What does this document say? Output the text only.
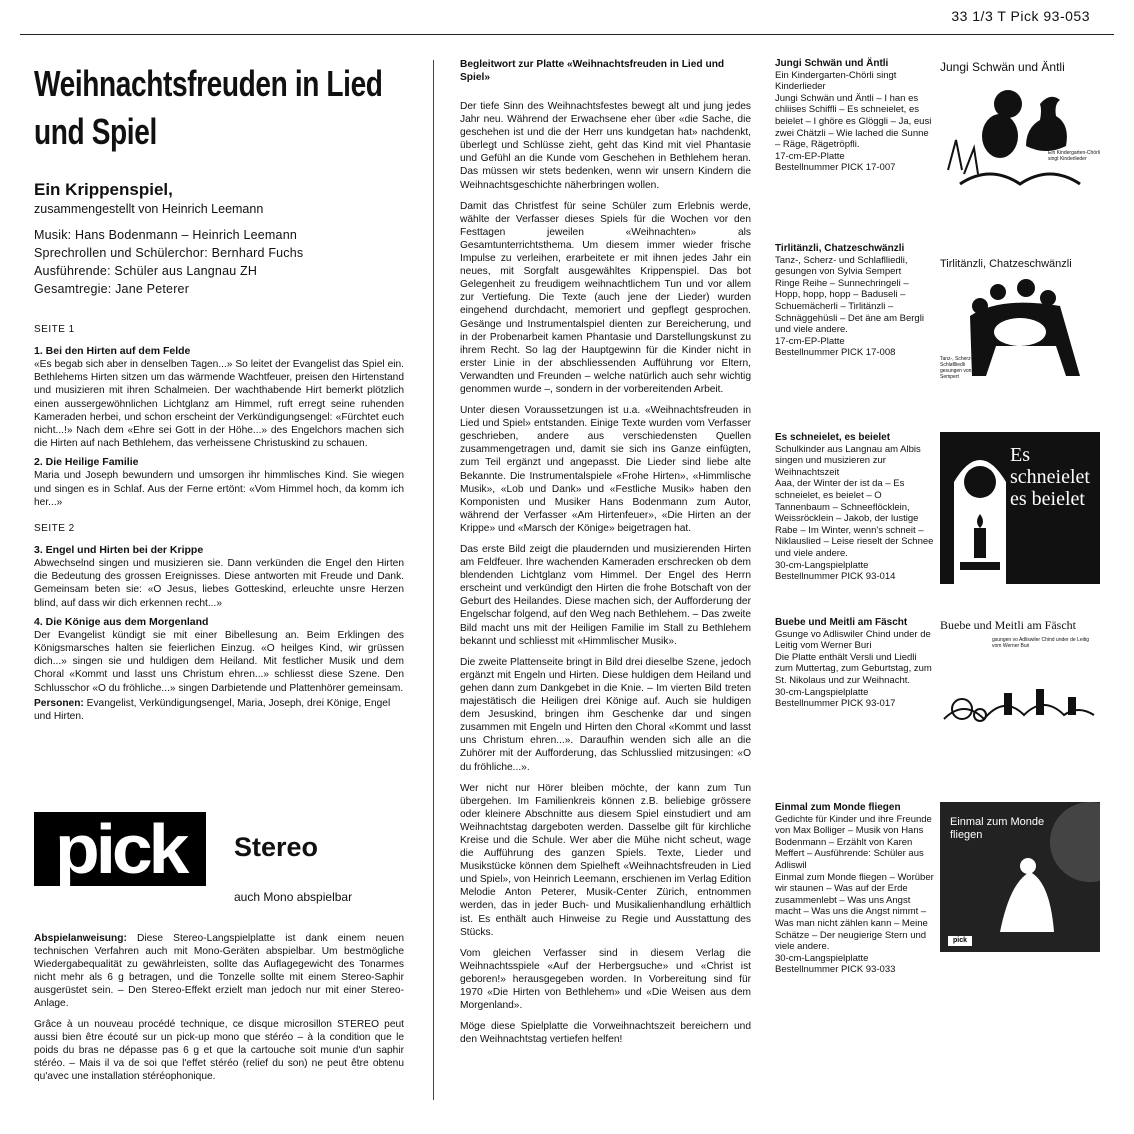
33 1/3 T Pick 93-053
Weihnachtsfreuden in Lied und Spiel
Ein Krippenspiel,
zusammengestellt von Heinrich Leemann
Musik: Hans Bodenmann – Heinrich Leemann
Sprechrollen und Schülerchor: Bernhard Fuchs
Ausführende: Schüler aus Langnau ZH
Gesamtregie: Jane Peterer
SEITE 1
1. Bei den Hirten auf dem Felde
«Es begab sich aber in denselben Tagen...» So leitet der Evangelist das Spiel ein. Bethlehems Hirten sitzen um das wärmende Wachtfeuer, preisen den Hirtenstand und musizieren mit ihren Schalmeien. Der wachthabende Hirt bemerkt plötzlich einen aussergewöhnlichen Lichtglanz am Himmel, ruft erregt seine ruhenden Kameraden herbei, und schon erscheint der Verkündigungsengel: «Fürchtet euch nicht...!» Nach dem «Ehre sei Gott in der Höhe...» des Engelchors machen sich die Hirten auf nach Bethlehem, das verheissene Christuskind zu schauen.
2. Die Heilige Familie
Maria und Joseph bewundern und umsorgen ihr himmlisches Kind. Sie wiegen und singen es in Schlaf. Aus der Ferne ertönt: «Vom Himmel hoch, da komm ich her...»
SEITE 2
3. Engel und Hirten bei der Krippe
Abwechselnd singen und musizieren sie. Dann verkünden die Engel den Hirten die Bedeutung des grossen Ereignisses. Diese antworten mit Freude und Dank. Gemeinsam beten sie: «O Jesus, liebes Gotteskind, erleuchte unsre Herzen blind, auf dass wir dich erkennen recht...»
4. Die Könige aus dem Morgenland
Der Evangelist kündigt sie mit einer Bibellesung an. Beim Erklingen des Königsmarsches halten sie feierlichen Einzug. «O heilges Kind, wir grüssen dich...» singen sie und huldigen dem Heiland. Mit festlicher Musik und dem Choral «Kommt und lasst uns Christum ehren...» schliesst diese Szene. Den Schlusschor «O du fröhliche...» singen Darbietende und Plattenhörer gemeinsam.
Personen: Evangelist, Verkündigungsengel, Maria, Joseph, drei Könige, Engel und Hirten.
pick Stereo
auch Mono abspielbar

Abspielanweisung: Diese Stereo-Langspielplatte ist dank einem neuen technischen Verfahren auch mit Mono-Geräten abspielbar. Um bestmögliche Wiedergabequalität zu gewährleisten, sollte das Auflagegewicht des Tonarmes nicht mehr als 6 g betragen, und die Tonzelle sollte mit einem Stereo-Saphir ausgerüstet sein. – Den Stereo-Effekt erzielt man jedoch nur mit einer Stereo-Anlage.

Grâce à un nouveau procédé technique, ce disque microsillon STEREO peut aussi bien être écouté sur un pick-up mono que stéréo – à la condition que le poids du bras ne dépasse pas 6 g et que la cartouche soit munie d'un saphir stéréo. – Mais il va de soi que l'effet stéréo (relief du son) ne peut être obtenu qu'avec une installation stéréophonique.

Begleitwort zur Platte «Weihnachtsfreuden in Lied und Spiel»

Der tiefe Sinn des Weihnachtsfestes bewegt alt und jung jedes Jahr neu. Während der Erwachsene eher über «die Sache, die geschehen ist und die der Herr uns kundgetan hat» nachdenkt, überlegt und Schlüsse zieht, geht das Kind mit viel Phantasie und Gefühl an die Kunde vom Geschehen in Bethlehem heran. Das müssen wir stets bedenken, wenn wir unsern Kindern die Weihnachtsgeschichte näherbringen wollen.

Damit das Christfest für seine Schüler zum Erlebnis werde, wählte der Verfasser dieses Spiels für die Wochen vor den Festtagen jeweilen «Weihnachten» als Gesamtunterrichtsthema. Um diesem immer wieder frische Impulse zu verleihen, erarbeitete er mit ihnen jedes Jahr ein neues, mit Sorgfalt ausgewähltes Krippenspiel. Das bot Gelegenheit zu freudigem weihnachtlichem Tun und vor allem zur Vertiefung. Die Texte (auch jene der Lieder) wurden eingehend durchdacht, memoriert und gepflegt gesprochen. Gesänge und Instrumentalspiel dienten zur Bereicherung, und in der Probenarbeit kamen Phantasie und Darstellungskunst zu ihrem Recht. So lag der Hauptgewinn für die Kinder nicht in erster Linie in der abschliessenden Aufführung vor Eltern, Verwandten und Freunden – welche natürlich auch sehr wichtig genommen wurde –, sondern in der vorbereitenden Arbeit.

Unter diesen Voraussetzungen ist u.a. «Weihnachtsfreuden in Lied und Spiel» entstanden. Einige Texte wurden vom Verfasser geschrieben, andere aus verschiedensten Quellen zusammengetragen und, damit sie sich ins Ganze einfügten, zum Teil ergänzt und angepasst. Die Lieder sind liebe alte Bekannte. Die Instrumentalspiele «Frohe Hirten», «Himmlische Musik», «Lob und Dank» und «Festliche Musik» haben den Komponisten und Musiker Hans Bodenmann zum Autor, während der Verfasser «Am Hirtenfeuer», «Die Hirten an der Krippe» und «Marsch der Könige» beigetragen hat.

Das erste Bild zeigt die plaudernden und musizierenden Hirten am Feldfeuer. Ihre wachenden Kameraden erschrecken ob dem blendenden Lichtglanz vom Himmel. Der Engel des Herrn erscheint und verkündigt den Hirten die frohe Botschaft von der Geburt des Heilandes. Diese machen sich, der Aufforderung der Engelschar folgend, auf den Weg nach Bethlehem. – Das zweite Bild macht uns mit der Heiligen Familie im Stall zu Bethlehem bekannt und schliesst mit «Himmlischer Musik».

Die zweite Plattenseite bringt in Bild drei dieselbe Szene, jedoch ergänzt mit Engeln und Hirten. Diese huldigen dem Heiland und gehen dann zum Dankgebet in die Knie. – Im vierten Bild treten majestätisch die Heiligen drei Könige auf. Auch sie huldigen dem Jesuskind, bringen ihm Geschenke dar und singen zusammen mit Engeln und Hirten den Choral «Kommt und lasst uns Christum ehren...». Daraufhin wenden sich alle an die Zuhörer mit der Aufforderung, das Schlusslied mitzusingen: «O du fröhliche...».

Wer nicht nur Hörer bleiben möchte, der kann zum Tun übergehen. Im Familienkreis können z.B. beliebige grössere oder kleinere Abschnitte aus diesem Spiel einstudiert und am Weihnachtstag dargeboten werden. Dasselbe gilt für kirchliche Kreise und die Schule. Wer aber die Mühe nicht scheut, wage die Aufführung des ganzen Spiels. Texte, Lieder und Musikstücke können dem Spielheft «Weihnachtsfreuden in Lied und Spiel», von Heinrich Leemann, erschienen im Verlag Edition Melodie Anton Peterer, Musik-Center Zürich, entnommen werden, das in jeder Buch- und Musikalienhandlung erhältlich ist. Es enthält auch Hinweise zu Regie und Ausstattung des Stücks.

Vom gleichen Verfasser sind in diesem Verlag die Weihnachtsspiele «Auf der Herbergsuche» und «Christ ist geboren!» herausgegeben worden. In Vorbereitung sind für 1970 «Die Hirten von Bethlehem» und «Die Weisen aus dem Morgenland».

Möge diese Spielplatte die Vorweihnachtszeit bereichern und den Weihnachtstag vertiefen helfen!

Jungi Schwän und Äntli
Ein Kindergarten-Chörli singt Kinderlieder
Jungi Schwän und Äntli – I han es chliises Schiffli – Es schneielet, es beielet – I ghöre es Glöggli – Ja, eusi zwei Chätzli – Wie lached die Sunne – Räge, Rägetröpfli.
17-cm-EP-Platte
Bestellnummer PICK 17-007
Jungi Schwän und Äntli
Ein Kindergarten-Chörli singt Kinderlieder
Tirlitänzli, Chatzeschwänzli
Tanz-, Scherz- und Schlaflliedli, gesungen von Sylvia Sempert
Ringe Reihe – Sunnechringeli – Hopp, hopp, hopp – Baduseli – Schuemächerli – Tirlitänzli – Schnäggehüsli – Det äne am Bergli und viele andere.
17-cm-EP-Platte
Bestellnummer PICK 17-008
Tirlitänzli, Chatzeschwänzli
Tanz-, Scherz- und Schlaflliedli gesungen von Sylvia Sempert
Es schneielet, es beielet
Schulkinder aus Langnau am Albis singen und musizieren zur Weihnachtszeit
Aaa, der Winter der ist da – Es schneielet, es beielet – O Tannenbaum – Schneeflöcklein, Weissröcklein – Jakob, der lustige Rabe – Im Winter, wenn's schneit – Niklauslied – Leise rieselt der Schnee und viele andere.
30-cm-Langspielplatte
Bestellnummer PICK 93-014
Es schneielet es beielet
Buebe und Meitli am Fäscht
Gsunge vo Adliswiler Chind under de Leitig vom Werner Buri
Die Platte enthält Versli und Liedli zum Muttertag, zum Geburtstag, zum St. Nikolaus und zur Weihnacht.
30-cm-Langspielplatte
Bestellnummer PICK 93-017
Buebe und Meitli am Fäscht
gsungen vo Adliswiler Chind under de Leitig vom Werner Buri
Einmal zum Monde fliegen
Gedichte für Kinder und ihre Freunde von Max Bolliger – Musik von Hans Bodenmann – Erzählt von Karen Meffert – Ausführende: Schüler aus Adliswil
Einmal zum Monde fliegen – Worüber wir staunen – Was auf der Erde zusammenlebt – Was uns Angst macht – Was uns die Angst nimmt – Was man nicht zählen kann – Meine Schätze – Der neugierige Stern und viele andere.
30-cm-Langspielplatte
Bestellnummer PICK 93-033
Einmal zum Monde fliegen
pick
